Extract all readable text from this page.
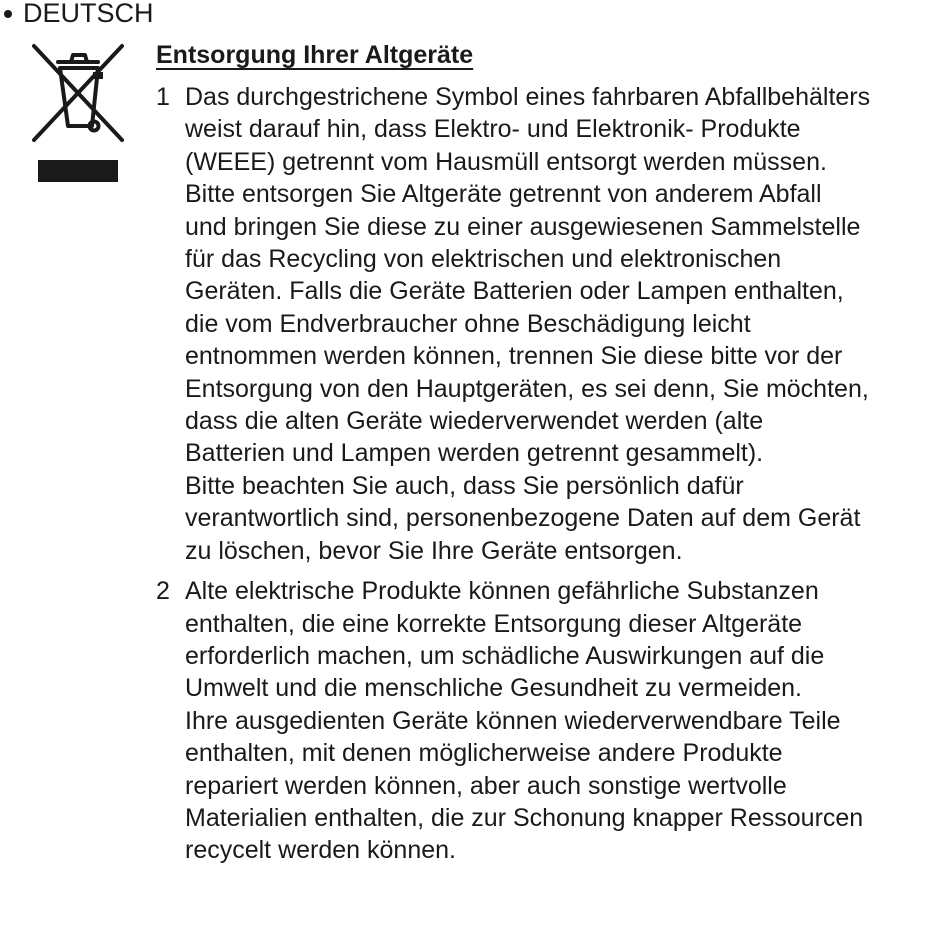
DEUTSCH
Entsorgung Ihrer Altgeräte
1 Das durchgestrichene Symbol eines fahrbaren Abfallbehälters
weist darauf hin, dass Elektro- und Elektronik- Produkte
(WEEE) getrennt vom Hausmüll entsorgt werden müssen.
Bitte entsorgen Sie Altgeräte getrennt von anderem Abfall
und bringen Sie diese zu einer ausgewiesenen Sammelstelle
für das Recycling von elektrischen und elektronischen
Geräten. Falls die Geräte Batterien oder Lampen enthalten,
die vom Endverbraucher ohne Beschädigung leicht
entnommen werden können, trennen Sie diese bitte vor der
Entsorgung von den Hauptgeräten, es sei denn, Sie möchten,
dass die alten Geräte wiederverwendet werden (alte
Batterien und Lampen werden getrennt gesammelt).
Bitte beachten Sie auch, dass Sie persönlich dafür
verantwortlich sind, personenbezogene Daten auf dem Gerät
zu löschen, bevor Sie Ihre Geräte entsorgen.
2 Alte elektrische Produkte können gefährliche Substanzen
enthalten, die eine korrekte Entsorgung dieser Altgeräte
erforderlich machen, um schädliche Auswirkungen auf die
Umwelt und die menschliche Gesundheit zu vermeiden.
Ihre ausgedienten Geräte können wiederverwendbare Teile
enthalten, mit denen möglicherweise andere Produkte
repariert werden können, aber auch sonstige wertvolle
Materialien enthalten, die zur Schonung knapper Ressourcen
recycelt werden können.
